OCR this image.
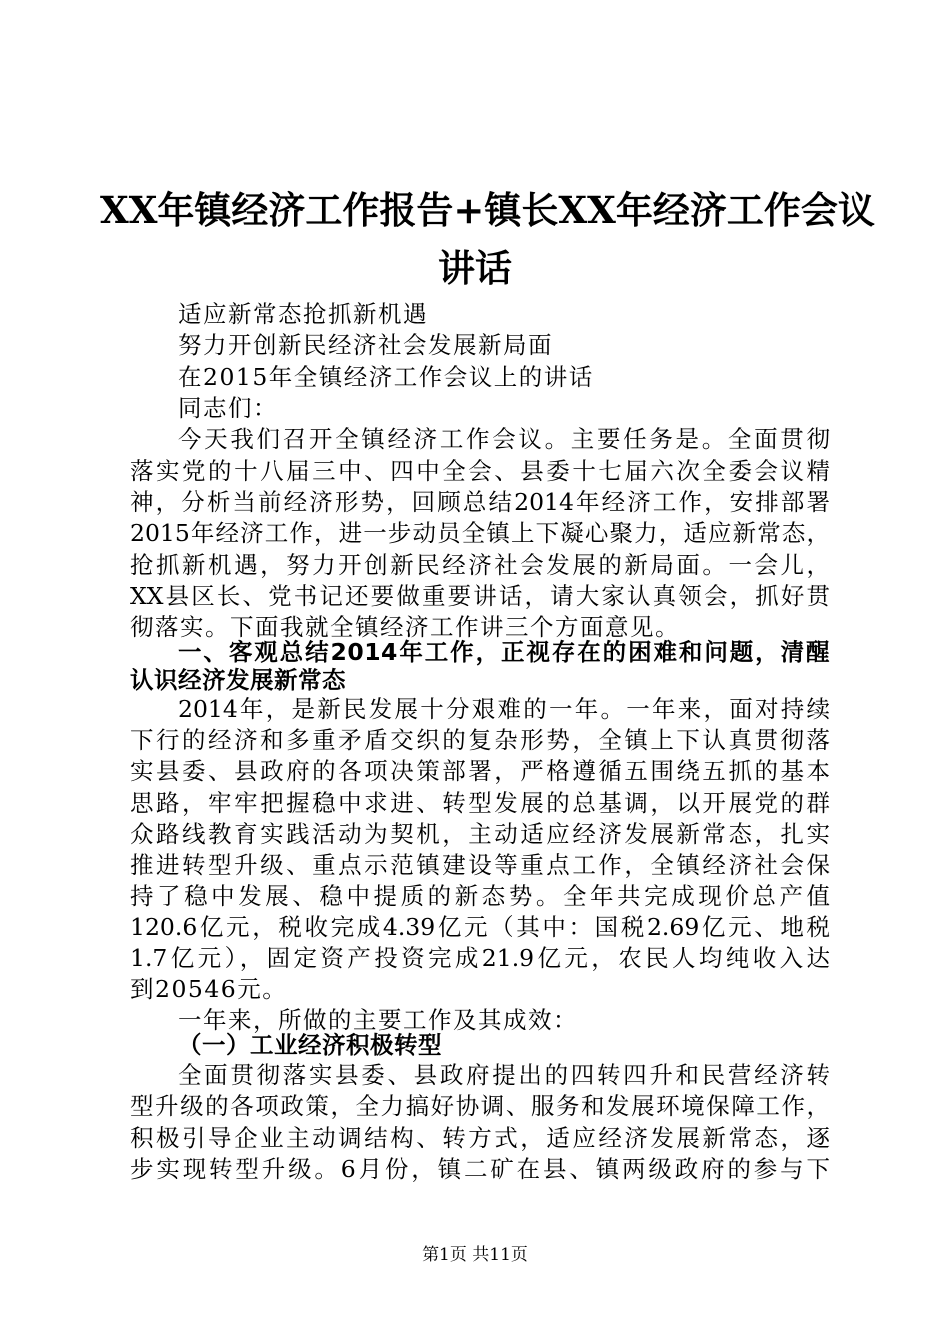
XX年镇经济工作报告+镇长XX年经济工作会议
讲话
适应新常态抢抓新机遇
努力开创新民经济社会发展新局面
在2015年全镇经济工作会议上的讲话
同志们：
今天我们召开全镇经济工作会议。主要任务是。全面贯彻
落实党的十八届三中、四中全会、县委十七届六次全委会议精
神，分析当前经济形势，回顾总结2014年经济工作，安排部署
2015年经济工作，进一步动员全镇上下凝心聚力，适应新常态，
抢抓新机遇，努力开创新民经济社会发展的新局面。一会儿，
XX县区长、党书记还要做重要讲话，请大家认真领会，抓好贯
彻落实。下面我就全镇经济工作讲三个方面意见。
一、客观总结2014年工作，正视存在的困难和问题，清醒
认识经济发展新常态
2014年，是新民发展十分艰难的一年。一年来，面对持续
下行的经济和多重矛盾交织的复杂形势，全镇上下认真贯彻落
实县委、县政府的各项决策部署，严格遵循五围绕五抓的基本
思路，牢牢把握稳中求进、转型发展的总基调，以开展党的群
众路线教育实践活动为契机，主动适应经济发展新常态，扎实
推进转型升级、重点示范镇建设等重点工作，全镇经济社会保
持了稳中发展、稳中提质的新态势。全年共完成现价总产值
120.6亿元，税收完成4.39亿元（其中：国税2.69亿元、地税
1.7亿元），固定资产投资完成21.9亿元，农民人均纯收入达
到20546元。
一年来，所做的主要工作及其成效：
（一）工业经济积极转型
全面贯彻落实县委、县政府提出的四转四升和民营经济转
型升级的各项政策，全力搞好协调、服务和发展环境保障工作，
积极引导企业主动调结构、转方式，适应经济发展新常态，逐
步实现转型升级。6月份，镇二矿在县、镇两级政府的参与下
第1页 共11页
